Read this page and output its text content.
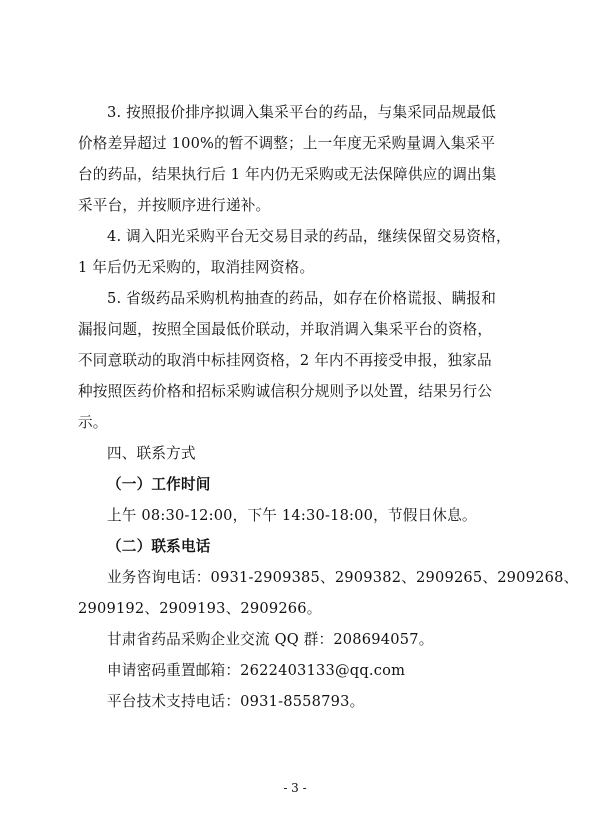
3. 按照报价排序拟调入集采平台的药品，与集采同品规最低
价格差异超过 100%的暂不调整；上一年度无采购量调入集采平
台的药品，结果执行后 1 年内仍无采购或无法保障供应的调出集
采平台，并按顺序进行递补。
4. 调入阳光采购平台无交易目录的药品，继续保留交易资格，
1 年后仍无采购的，取消挂网资格。
5. 省级药品采购机构抽查的药品，如存在价格谎报、瞒报和
漏报问题，按照全国最低价联动，并取消调入集采平台的资格，
不同意联动的取消中标挂网资格，2 年内不再接受申报，独家品
种按照医药价格和招标采购诚信积分规则予以处置，结果另行公
示。
四、联系方式
（一）工作时间
上午 08:30-12:00，下午 14:30-18:00，节假日休息。
（二）联系电话
业务咨询电话：0931-2909385、2909382、2909265、2909268、
2909192、2909193、2909266。
甘肃省药品采购企业交流 QQ 群：208694057。
申请密码重置邮箱：2622403133@qq.com
平台技术支持电话：0931-8558793。
- 3 -
